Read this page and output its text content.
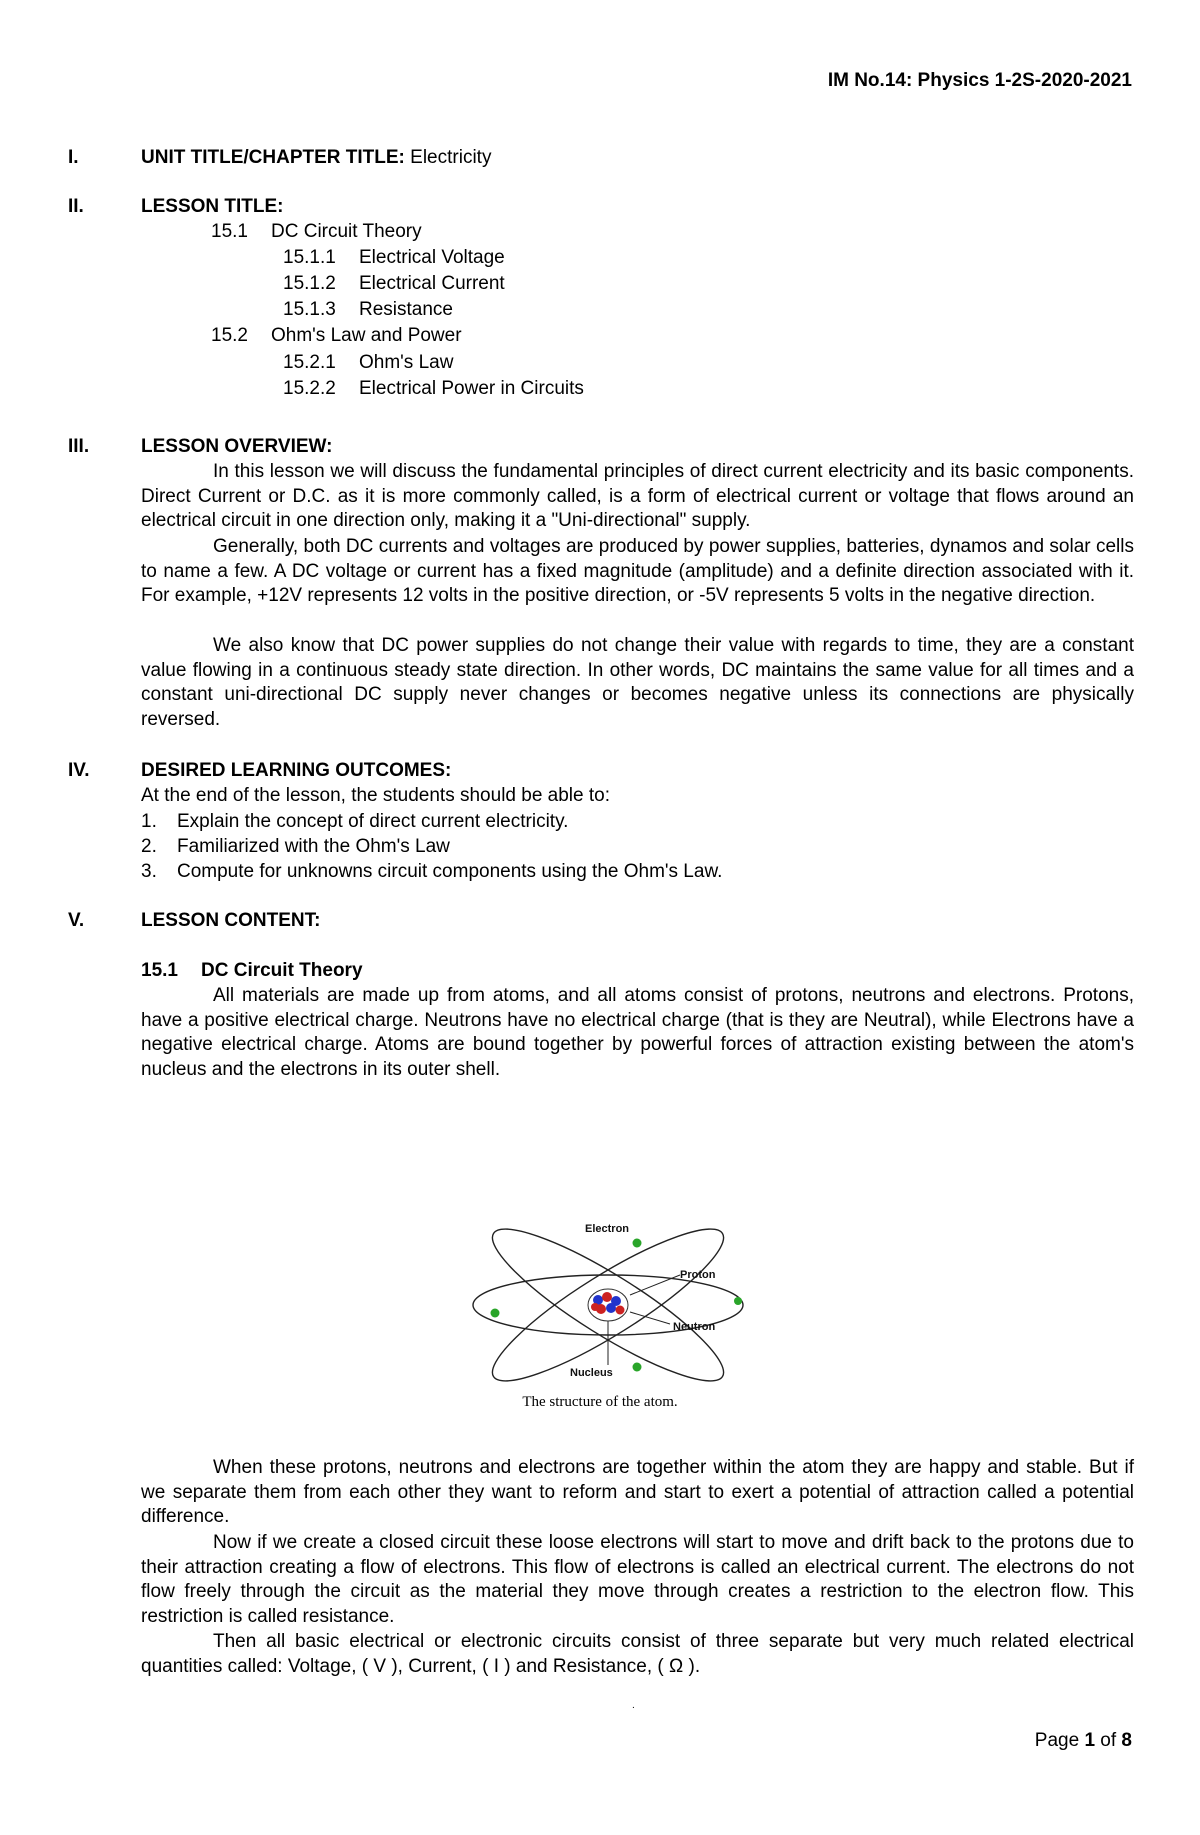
IM No.14: Physics 1-2S-2020-2021
I.	UNIT TITLE/CHAPTER TITLE: Electricity
II.	LESSON TITLE:
15.1 DC Circuit Theory
15.1.1 Electrical Voltage
15.1.2 Electrical Current
15.1.3 Resistance
15.2 Ohm's Law and Power
15.2.1 Ohm's Law
15.2.2 Electrical Power in Circuits
III.	LESSON OVERVIEW:

In this lesson we will discuss the fundamental principles of direct current electricity and its basic components. Direct Current or D.C. as it is more commonly called, is a form of electrical current or voltage that flows around an electrical circuit in one direction only, making it a "Uni-directional" supply.

Generally, both DC currents and voltages are produced by power supplies, batteries, dynamos and solar cells to name a few. A DC voltage or current has a fixed magnitude (amplitude) and a definite direction associated with it. For example, +12V represents 12 volts in the positive direction, or -5V represents 5 volts in the negative direction.

We also know that DC power supplies do not change their value with regards to time, they are a constant value flowing in a continuous steady state direction. In other words, DC maintains the same value for all times and a constant uni-directional DC supply never changes or becomes negative unless its connections are physically reversed.

IV.	DESIRED LEARNING OUTCOMES:
At the end of the lesson, the students should be able to:
1. Explain the concept of direct current electricity.
2. Familiarized with the Ohm's Law
3. Compute for unknowns circuit components using the Ohm's Law.
V.	LESSON CONTENT:
15.1 DC Circuit Theory

All materials are made up from atoms, and all atoms consist of protons, neutrons and electrons. Protons, have a positive electrical charge. Neutrons have no electrical charge (that is they are Neutral), while Electrons have a negative electrical charge. Atoms are bound together by powerful forces of attraction existing between the atom's nucleus and the electrons in its outer shell.

Electron
Proton
Neutron
Nucleus
The structure of the atom.

When these protons, neutrons and electrons are together within the atom they are happy and stable. But if we separate them from each other they want to reform and start to exert a potential of attraction called a potential difference.

Now if we create a closed circuit these loose electrons will start to move and drift back to the protons due to their attraction creating a flow of electrons. This flow of electrons is called an electrical current. The electrons do not flow freely through the circuit as the material they move through creates a restriction to the electron flow. This restriction is called resistance.

Then all basic electrical or electronic circuits consist of three separate but very much related electrical quantities called: Voltage, ( V ), Current, ( I ) and Resistance, ( Ω ).

.
Page 1 of 8
